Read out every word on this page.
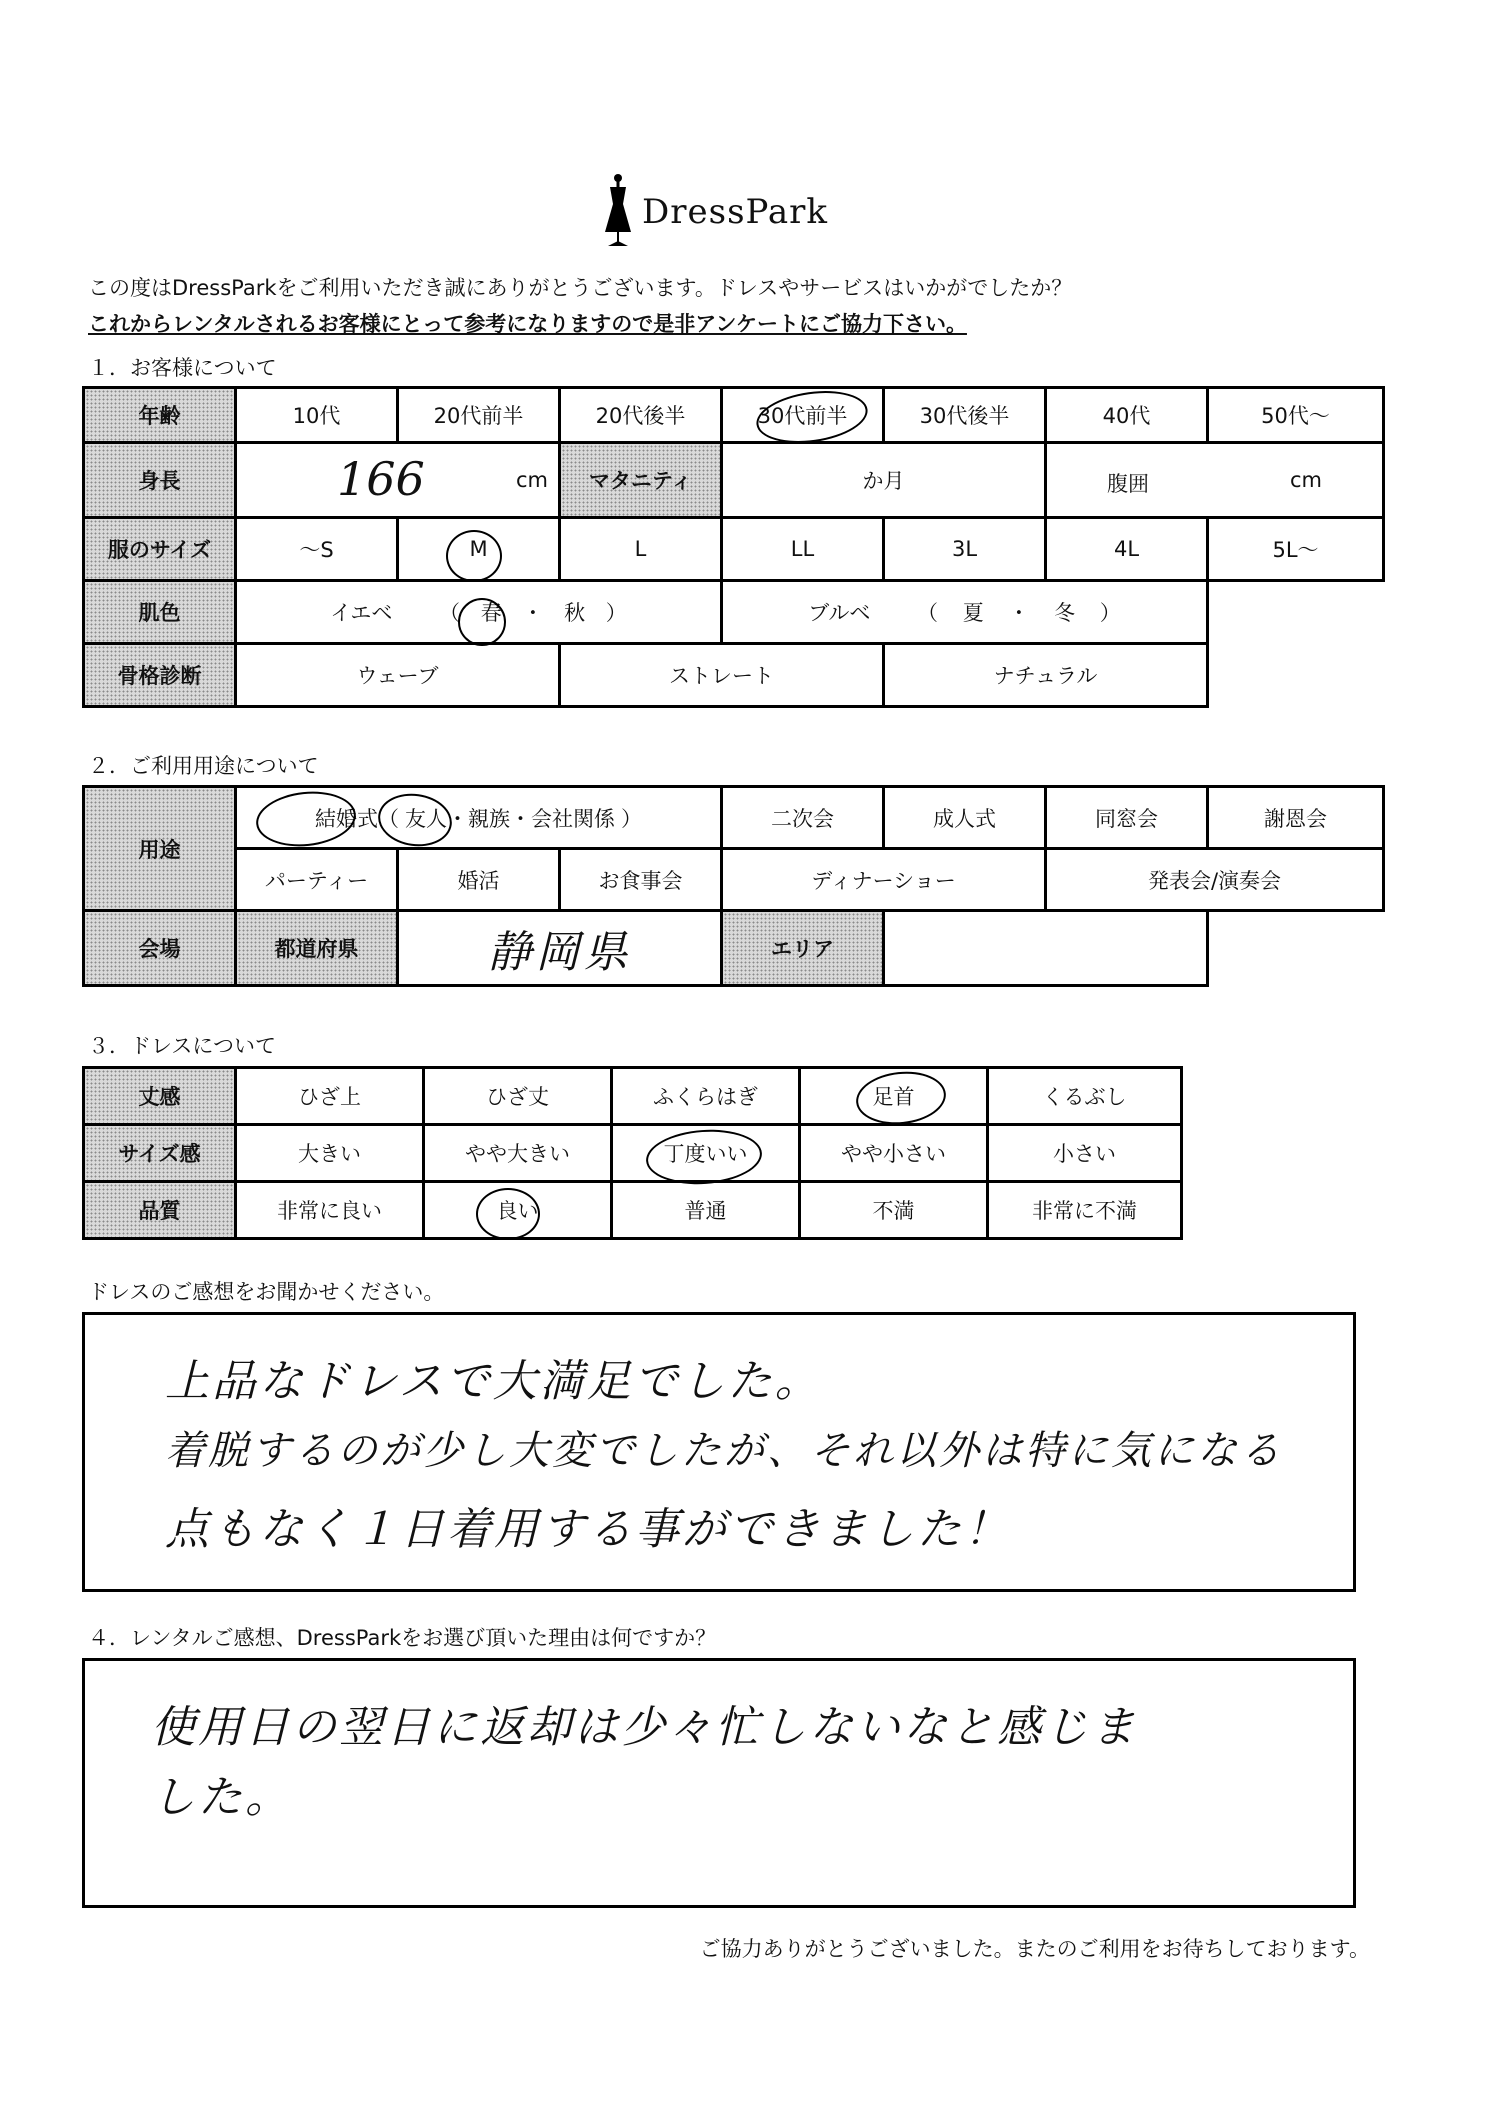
DressPark
この度はDressParkをご利用いただき誠にありがとうございます。ドレスやサービスはいかがでしたか？
これからレンタルされるお客様にとって参考になりますので是非アンケートにご協力下さい。
１．お客様について
年齢	10代	20代前半	20代後半	30代前半	30代後半	40代	50代～
身長	166 cm		マタニティ	か月		腹囲 cm	

服のサイズ	～S	M	L	LL	3L	4L	5L～
肌色	イエベ （ 春 ・ 秋 ）			ブルベ （ 夏 ・ 冬 ）			
骨格診断	ウェーブ		ストレート		ナチュラル		
２．ご利用用途について
用途	結婚式（ 友人・親族・会社関係 ）			二次会	成人式	同窓会	謝恩会
	パーティー	婚活	お食事会	ディナーショー		発表会/演奏会	
会場	都道府県	静岡県		エリア			
３．ドレスについて
丈感	ひざ上	ひざ丈	ふくらはぎ	足首	くるぶし
サイズ感	大きい	やや大きい	丁度いい	やや小さい	小さい
品質	非常に良い	良い	普通	不満	非常に不満
ドレスのご感想をお聞かせください。
上品なドレスで大満足でした。
着脱するのが少し大変でしたが、それ以外は特に気になる
点もなく１日着用する事ができました！
４．レンタルご感想、DressParkをお選び頂いた理由は何ですか？
使用日の翌日に返却は少々忙しないなと感じま
した。
ご協力ありがとうございました。またのご利用をお待ちしております。
